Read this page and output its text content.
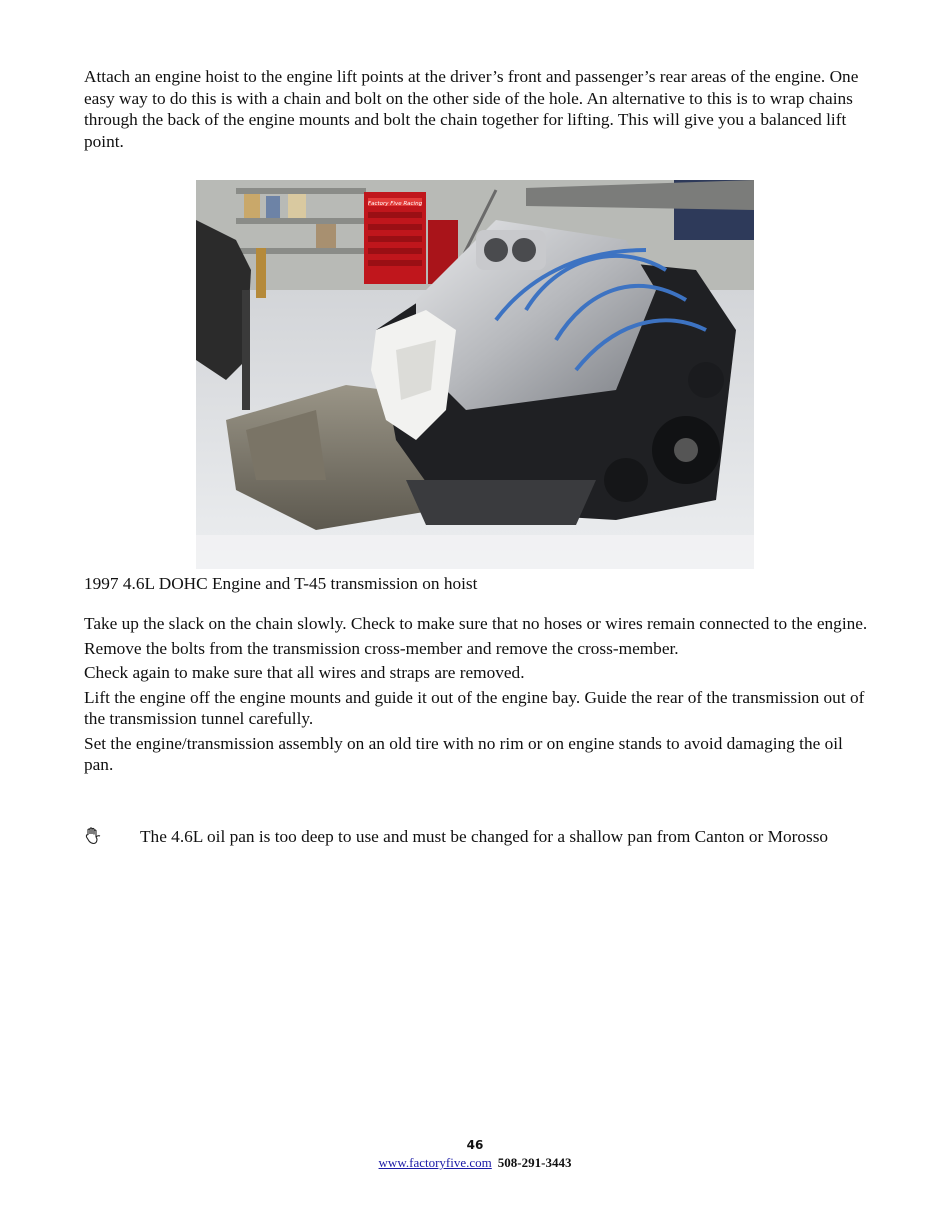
Attach an engine hoist to the engine lift points at the driver’s front and passenger’s rear areas of the engine. One easy way to do this is with a chain and bolt on the other side of the hole. An alternative to this is to wrap chains through the back of the engine mounts and bolt the chain together for lifting. This will give you a balanced lift point.
Factory Five Racing
1997 4.6L DOHC Engine and T-45 transmission on hoist

Take up the slack on the chain slowly. Check to make sure that no hoses or wires remain connected to the engine.

Remove the bolts from the transmission cross-member and remove the cross-member.

Check again to make sure that all wires and straps are removed.

Lift the engine off the engine mounts and guide it out of the engine bay. Guide the rear of the transmission out of the transmission tunnel carefully.

Set the engine/transmission assembly on an old tire with no rim or on engine stands to avoid damaging the oil pan.

The 4.6L oil pan is too deep to use and must be changed for a shallow pan from Canton or Morosso
46
www.factoryfive.com 508-291-3443
